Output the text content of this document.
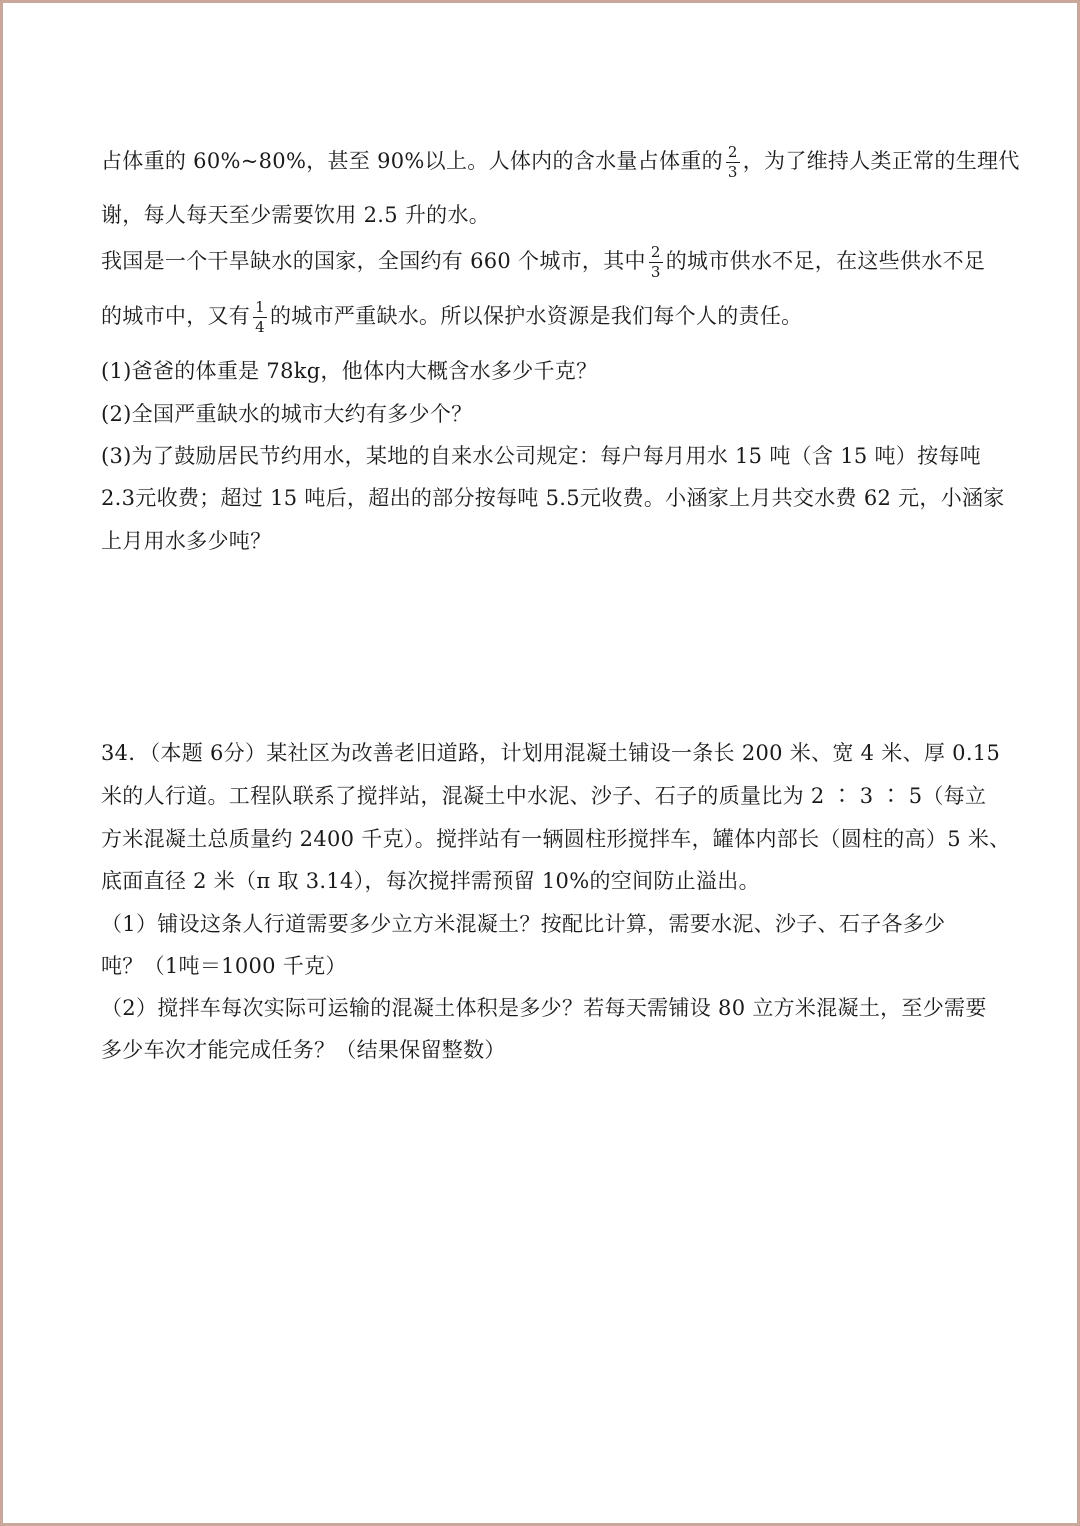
占体重的 60%~80%，甚至 90%以上。人体内的含水量占体重的 $\frac{2}{3}$ ，为了维持人类正常的生理代
谢，每人每天至少需要饮用 2.5 升的水。
我国是一个干旱缺水的国家，全国约有 660 个城市，其中 $\frac{2}{3}$ 的城市供水不足，在这些供水不足
的城市中，又有 $\frac{1}{4}$ 的城市严重缺水。所以保护水资源是我们每个人的责任。
(1)爸爸的体重是 78kg，他体内大概含水多少千克？
(2)全国严重缺水的城市大约有多少个？
(3)为了鼓励居民节约用水，某地的自来水公司规定：每户每月用水 15 吨（含 15 吨）按每吨
2.3元收费；超过 15 吨后，超出的部分按每吨 5.5元收费。小涵家上月共交水费 62 元，小涵家
上月用水多少吨？
34．（本题 6分）某社区为改善老旧道路，计划用混凝土铺设一条长 200 米、宽 4 米、厚 0.15
米的人行道。工程队联系了搅拌站，混凝土中水泥、沙子、石子的质量比为 2 ∶ 3 ∶ 5（每立
方米混凝土总质量约 2400 千克）。搅拌站有一辆圆柱形搅拌车，罐体内部长（圆柱的高）5 米、
底面直径 2 米（π 取 3.14），每次搅拌需预留 10%的空间防止溢出。
（1）铺设这条人行道需要多少立方米混凝土？按配比计算，需要水泥、沙子、石子各多少
吨？（1吨＝1000 千克）
（2）搅拌车每次实际可运输的混凝土体积是多少？若每天需铺设 80 立方米混凝土，至少需要
多少车次才能完成任务？（结果保留整数）
